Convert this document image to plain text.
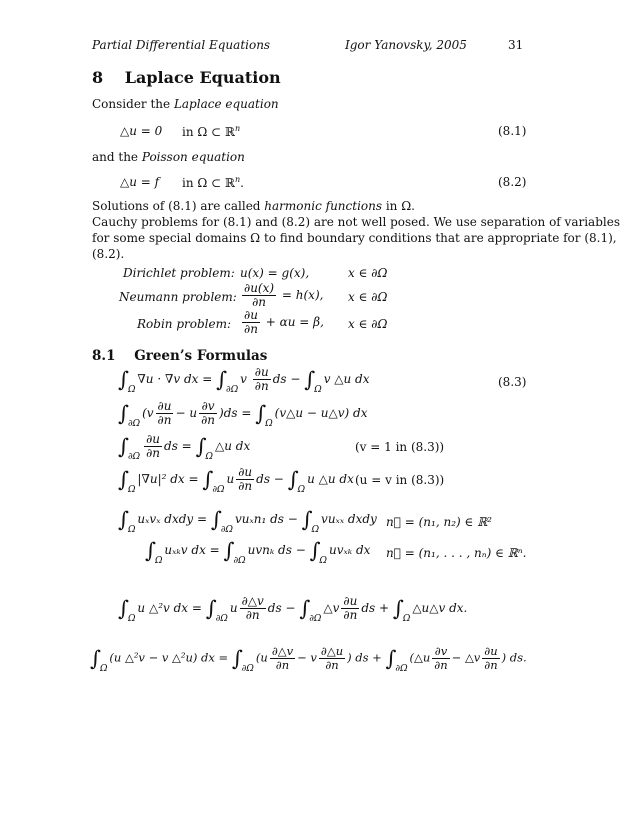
Partial Differential Equations	Igor Yanovsky, 2005	31
8 Laplace Equation
Consider the Laplace equation
△u = 0 in Ω ⊂ ℝ$^n$	(8.1)
and the Poisson equation
△u = f in Ω ⊂ ℝ$^n$.	(8.2)
Solutions of (8.1) are called harmonic functions in Ω.
Cauchy problems for (8.1) and (8.2) are not well posed. We use separation of variables
for some special domains Ω to find boundary conditions that are appropriate for (8.1),
(8.2).
Dirichlet problem: u(x) = g(x),	x ∈ ∂Ω
Neumann problem: $\frac{\partial u(x)}{\partial n} = h(x)$, x ∈ ∂Ω
Robin problem: $\frac{\partial u}{\partial n} + \alpha u = \beta$, x ∈ ∂Ω
8.1 Green’s Formulas
$\int_\Omega\nabla u \cdot \nabla v$ dx = $\int_{\partial\Omega}v \frac{\partial u}{\partial n}$ ds − $\int_\Omega v$ △u dx	(8.3)
$\int_{\partial\Omega}(v \frac{\partial u}{\partial n} - u \frac{\partial v}{\partial n} )ds$ = $\int_\Omega(v\triangle u$ − u△v) dx
$\int_{\partial\Omega} \frac{\partial u}{\partial n}$ ds = $\int_\Omega\triangle u$ dx	(v = 1 in (8.3))
$\int_\Omega|\nabla u|^2$ dx = $\int_{\partial\Omega}u \frac{\partial u}{\partial n}$ ds − $\int_\Omega u$ △u dx (u = v in (8.3))
$\int_\Omega u_xv_x$ dxdy = $\int_{\partial\Omega}vu_xn_1$ ds − $\int_\Omega vu_{xx}$ dxdy n⃗ = (n₁, n₂) ∈ ℝ²
$\int_\Omega u_{xk}v$ dx = $\int_{\partial\Omega}uvn_k$ ds − $\int_\Omega uv_{xk}$ dx n⃗ = (n₁, . . . , nₙ) ∈ ℝⁿ.
$\int_\Omega u$ △²v dx = $\int_{\partial\Omega}u \frac{\partial\triangle v}{\partial n}$ ds − $\int_{\partial\Omega}\triangle v \frac{\partial u}{\partial n}$ ds + $\int_\Omega\triangle u\triangle v$ dx.
$\int_\Omega(u$ △²v − v △²u) dx = $\int_{\partial\Omega}(u \frac{\partial\triangle v}{\partial n} - v \frac{\partial\triangle u}{\partial n}$ ) ds + $\int_{\partial\Omega}(\triangle u \frac{\partial v}{\partial n}$ − △v $\frac{\partial u}{\partial n}$ ) ds.
